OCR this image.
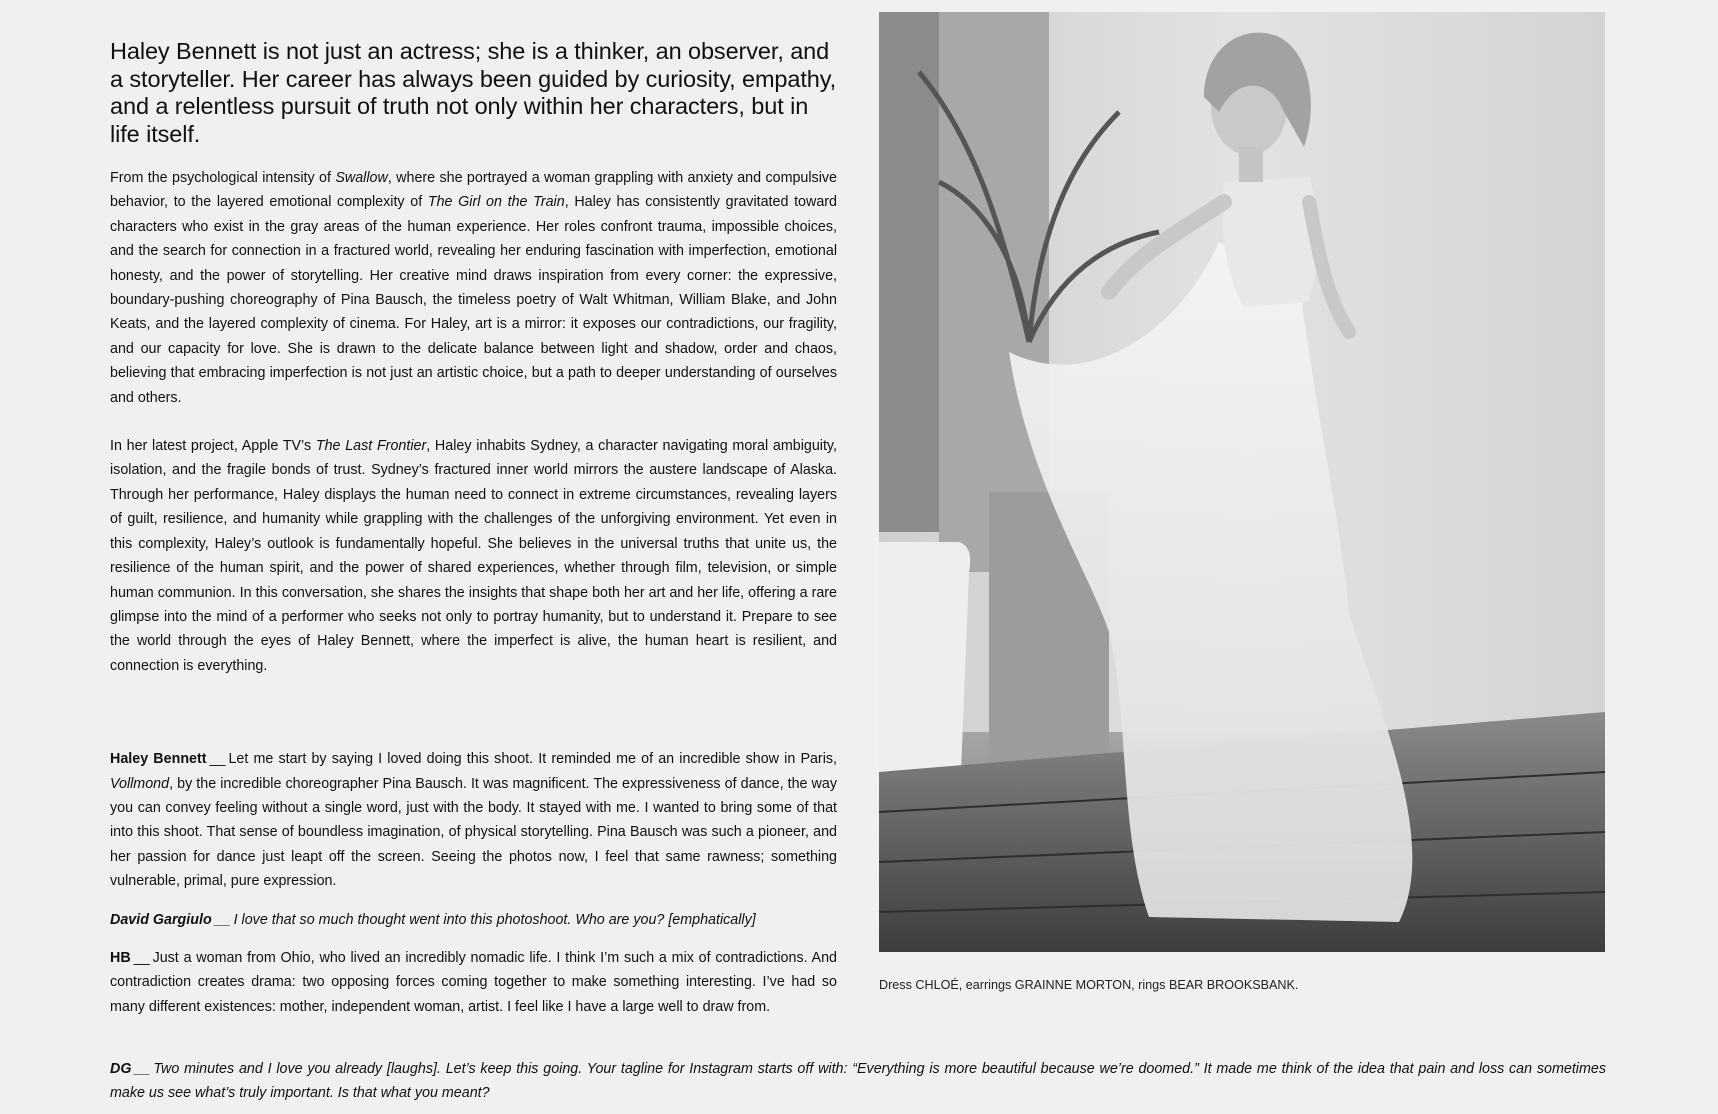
Haley Bennett is not just an actress; she is a thinker, an observer, and a storyteller. Her career has always been guided by curiosity, empathy, and a relentless pursuit of truth not only within her characters, but in life itself.

From the psychological intensity of Swallow, where she portrayed a woman grappling with anxiety and compulsive behavior, to the layered emotional complexity of The Girl on the Train, Haley has consistently gravitated toward characters who exist in the gray areas of the human experience. Her roles confront trauma, impossible choices, and the search for connection in a fractured world, revealing her enduring fascination with imperfection, emotional honesty, and the power of storytelling. Her creative mind draws inspiration from every corner: the expressive, boundary-pushing choreography of Pina Bausch, the timeless poetry of Walt Whitman, William Blake, and John Keats, and the layered complexity of cinema. For Haley, art is a mirror: it exposes our contradictions, our fragility, and our capacity for love. She is drawn to the delicate balance between light and shadow, order and chaos, believing that embracing imperfection is not just an artistic choice, but a path to deeper understanding of ourselves and others.

In her latest project, Apple TV’s The Last Frontier, Haley inhabits Sydney, a character navigating moral ambiguity, isolation, and the fragile bonds of trust. Sydney’s fractured inner world mirrors the austere landscape of Alaska. Through her performance, Haley displays the human need to connect in extreme circumstances, revealing layers of guilt, resilience, and humanity while grappling with the challenges of the unforgiving environment. Yet even in this complexity, Haley’s outlook is fundamentally hopeful. She believes in the universal truths that unite us, the resilience of the human spirit, and the power of shared experiences, whether through film, television, or simple human communion. In this conversation, she shares the insights that shape both her art and her life, offering a rare glimpse into the mind of a performer who seeks not only to portray humanity, but to understand it. Prepare to see the world through the eyes of Haley Bennett, where the imperfect is alive, the human heart is resilient, and connection is everything.

Haley Bennett __ Let me start by saying I loved doing this shoot. It reminded me of an incredible show in Paris, Vollmond, by the incredible choreographer Pina Bausch. It was magnificent. The expressiveness of dance, the way you can convey feeling without a single word, just with the body. It stayed with me. I wanted to bring some of that into this shoot. That sense of boundless imagination, of physical storytelling. Pina Bausch was such a pioneer, and her passion for dance just leapt off the screen. Seeing the photos now, I feel that same rawness; something vulnerable, primal, pure expression.

David Gargiulo __ I love that so much thought went into this photoshoot. Who are you? [emphatically]

HB __ Just a woman from Ohio, who lived an incredibly nomadic life. I think I’m such a mix of contradictions. And contradiction creates drama: two opposing forces coming together to make something interesting. I’ve had so many different existences: mother, independent woman, artist. I feel like I have a large well to draw from.

DG __ Two minutes and I love you already [laughs]. Let’s keep this going. Your tagline for Instagram starts off with: “Everything is more beautiful because we’re doomed.” It made me think of the idea that pain and loss can sometimes make us see what’s truly important. Is that what you meant?

Dress CHLOÉ, earrings GRAINNE MORTON, rings BEAR BROOKSBANK.
